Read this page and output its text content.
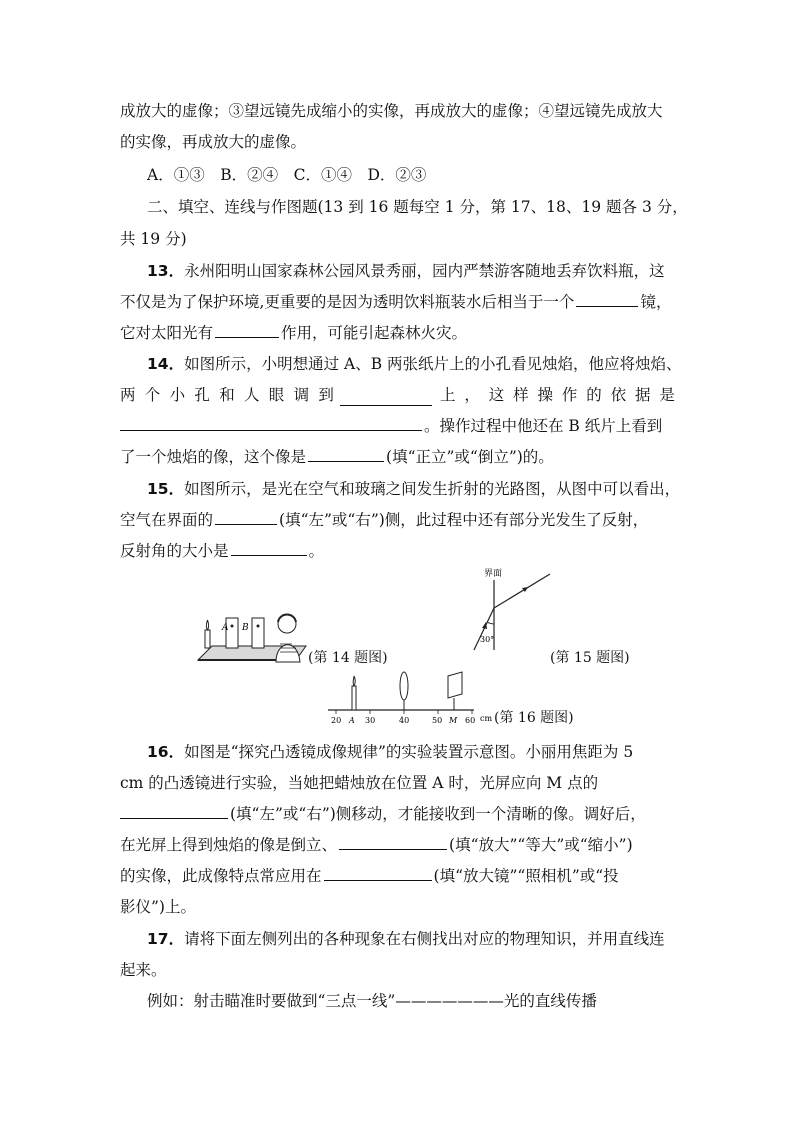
成放大的虚像；③望远镜先成缩小的实像，再成放大的虚像；④望远镜先成放大
的实像，再成放大的虚像。
A．①③　B．②④　C．①④　D．②③
二、填空、连线与作图题(13 到 16 题每空 1 分，第 17、18、19 题各 3 分，
共 19 分)
13．永州阳明山国家森林公园风景秀丽，园内严禁游客随地丢弃饮料瓶，这
不仅是为了保护环境,更重要的是因为透明饮料瓶装水后相当于一个	镜，
它对太阳光有	作用，可能引起森林火灾。
14．如图所示，小明想通过 A、B 两张纸片上的小孔看见烛焰，他应将烛焰、
两 个 小 孔 和 人 眼 调 到	上 ， 这 样 操 作 的 依 据 是
。操作过程中他还在 B 纸片上看到
了一个烛焰的像，这个像是	(填“正立”或“倒立”)的。
15．如图所示，是光在空气和玻璃之间发生折射的光路图，从图中可以看出，
空气在界面的	(填“左”或“右”)侧，此过程中还有部分光发生了反射，
反射角的大小是	。
A B
(第 14 题图)
界面
30°
(第 15 题图)
20 A 30	40	50 M 60 cm (第 16 题图)
16．如图是“探究凸透镜成像规律”的实验装置示意图。小丽用焦距为 5
cm 的凸透镜进行实验，当她把蜡烛放在位置 A 时，光屏应向 M 点的
(填“左”或“右”)侧移动，才能接收到一个清晰的像。调好后，
在光屏上得到烛焰的像是倒立、	(填“放大”“等大”或“缩小”)
的实像，此成像特点常应用在	(填“放大镜”“照相机”或“投
影仪”)上。
17．请将下面左侧列出的各种现象在右侧找出对应的物理知识，并用直线连
起来。
例如：射击瞄准时要做到“三点一线”———————光的直线传播
